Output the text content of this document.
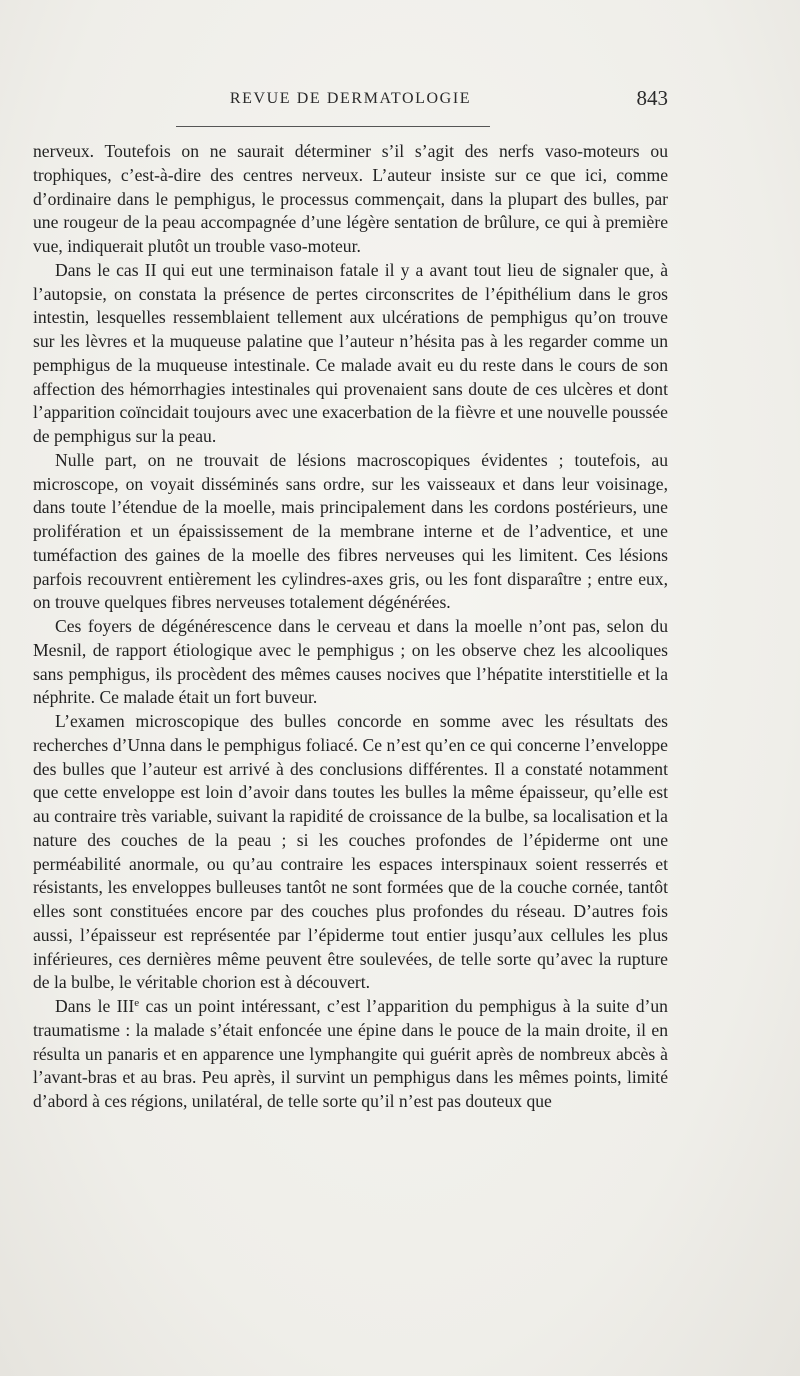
REVUE DE DERMATOLOGIE	843

nerveux. Toutefois on ne saurait déterminer s’il s’agit des nerfs vaso-moteurs ou trophiques, c’est-à-dire des centres nerveux. L’auteur insiste sur ce que ici, comme d’ordinaire dans le pemphigus, le processus commençait, dans la plupart des bulles, par une rougeur de la peau accompagnée d’une légère sentation de brûlure, ce qui à première vue, indiquerait plutôt un trouble vaso-moteur.

Dans le cas II qui eut une terminaison fatale il y a avant tout lieu de signaler que, à l’autopsie, on constata la présence de pertes circonscrites de l’épithélium dans le gros intestin, lesquelles ressemblaient tellement aux ulcérations de pemphigus qu’on trouve sur les lèvres et la muqueuse palatine que l’auteur n’hésita pas à les regarder comme un pemphigus de la muqueuse intestinale. Ce malade avait eu du reste dans le cours de son affection des hémorrhagies intestinales qui provenaient sans doute de ces ulcères et dont l’apparition coïncidait toujours avec une exacerbation de la fièvre et une nouvelle poussée de pemphigus sur la peau.

Nulle part, on ne trouvait de lésions macroscopiques évidentes ; toutefois, au microscope, on voyait disséminés sans ordre, sur les vaisseaux et dans leur voisinage, dans toute l’étendue de la moelle, mais principalement dans les cordons postérieurs, une prolifération et un épaississement de la membrane interne et de l’adventice, et une tuméfaction des gaines de la moelle des fibres nerveuses qui les limitent. Ces lésions parfois recouvrent entièrement les cylindres-axes gris, ou les font disparaître ; entre eux, on trouve quelques fibres nerveuses totalement dégénérées.

Ces foyers de dégénérescence dans le cerveau et dans la moelle n’ont pas, selon du Mesnil, de rapport étiologique avec le pemphigus ; on les observe chez les alcooliques sans pemphigus, ils procèdent des mêmes causes nocives que l’hépatite interstitielle et la néphrite. Ce malade était un fort buveur.

L’examen microscopique des bulles concorde en somme avec les résultats des recherches d’Unna dans le pemphigus foliacé. Ce n’est qu’en ce qui concerne l’enveloppe des bulles que l’auteur est arrivé à des conclusions différentes. Il a constaté notamment que cette enveloppe est loin d’avoir dans toutes les bulles la même épaisseur, qu’elle est au contraire très variable, suivant la rapidité de croissance de la bulbe, sa localisation et la nature des couches de la peau ; si les couches profondes de l’épiderme ont une perméabilité anormale, ou qu’au contraire les espaces interspinaux soient resserrés et résistants, les enveloppes bulleuses tantôt ne sont formées que de la couche cornée, tantôt elles sont constituées encore par des couches plus profondes du réseau. D’autres fois aussi, l’épaisseur est représentée par l’épiderme tout entier jusqu’aux cellules les plus inférieures, ces dernières même peuvent être soulevées, de telle sorte qu’avec la rupture de la bulbe, le véritable chorion est à découvert.

Dans le IIIe cas un point intéressant, c’est l’apparition du pemphigus à la suite d’un traumatisme : la malade s’était enfoncée une épine dans le pouce de la main droite, il en résulta un panaris et en apparence une lymphangite qui guérit après de nombreux abcès à l’avant-bras et au bras. Peu après, il survint un pemphigus dans les mêmes points, limité d’abord à ces régions, unilatéral, de telle sorte qu’il n’est pas douteux que
